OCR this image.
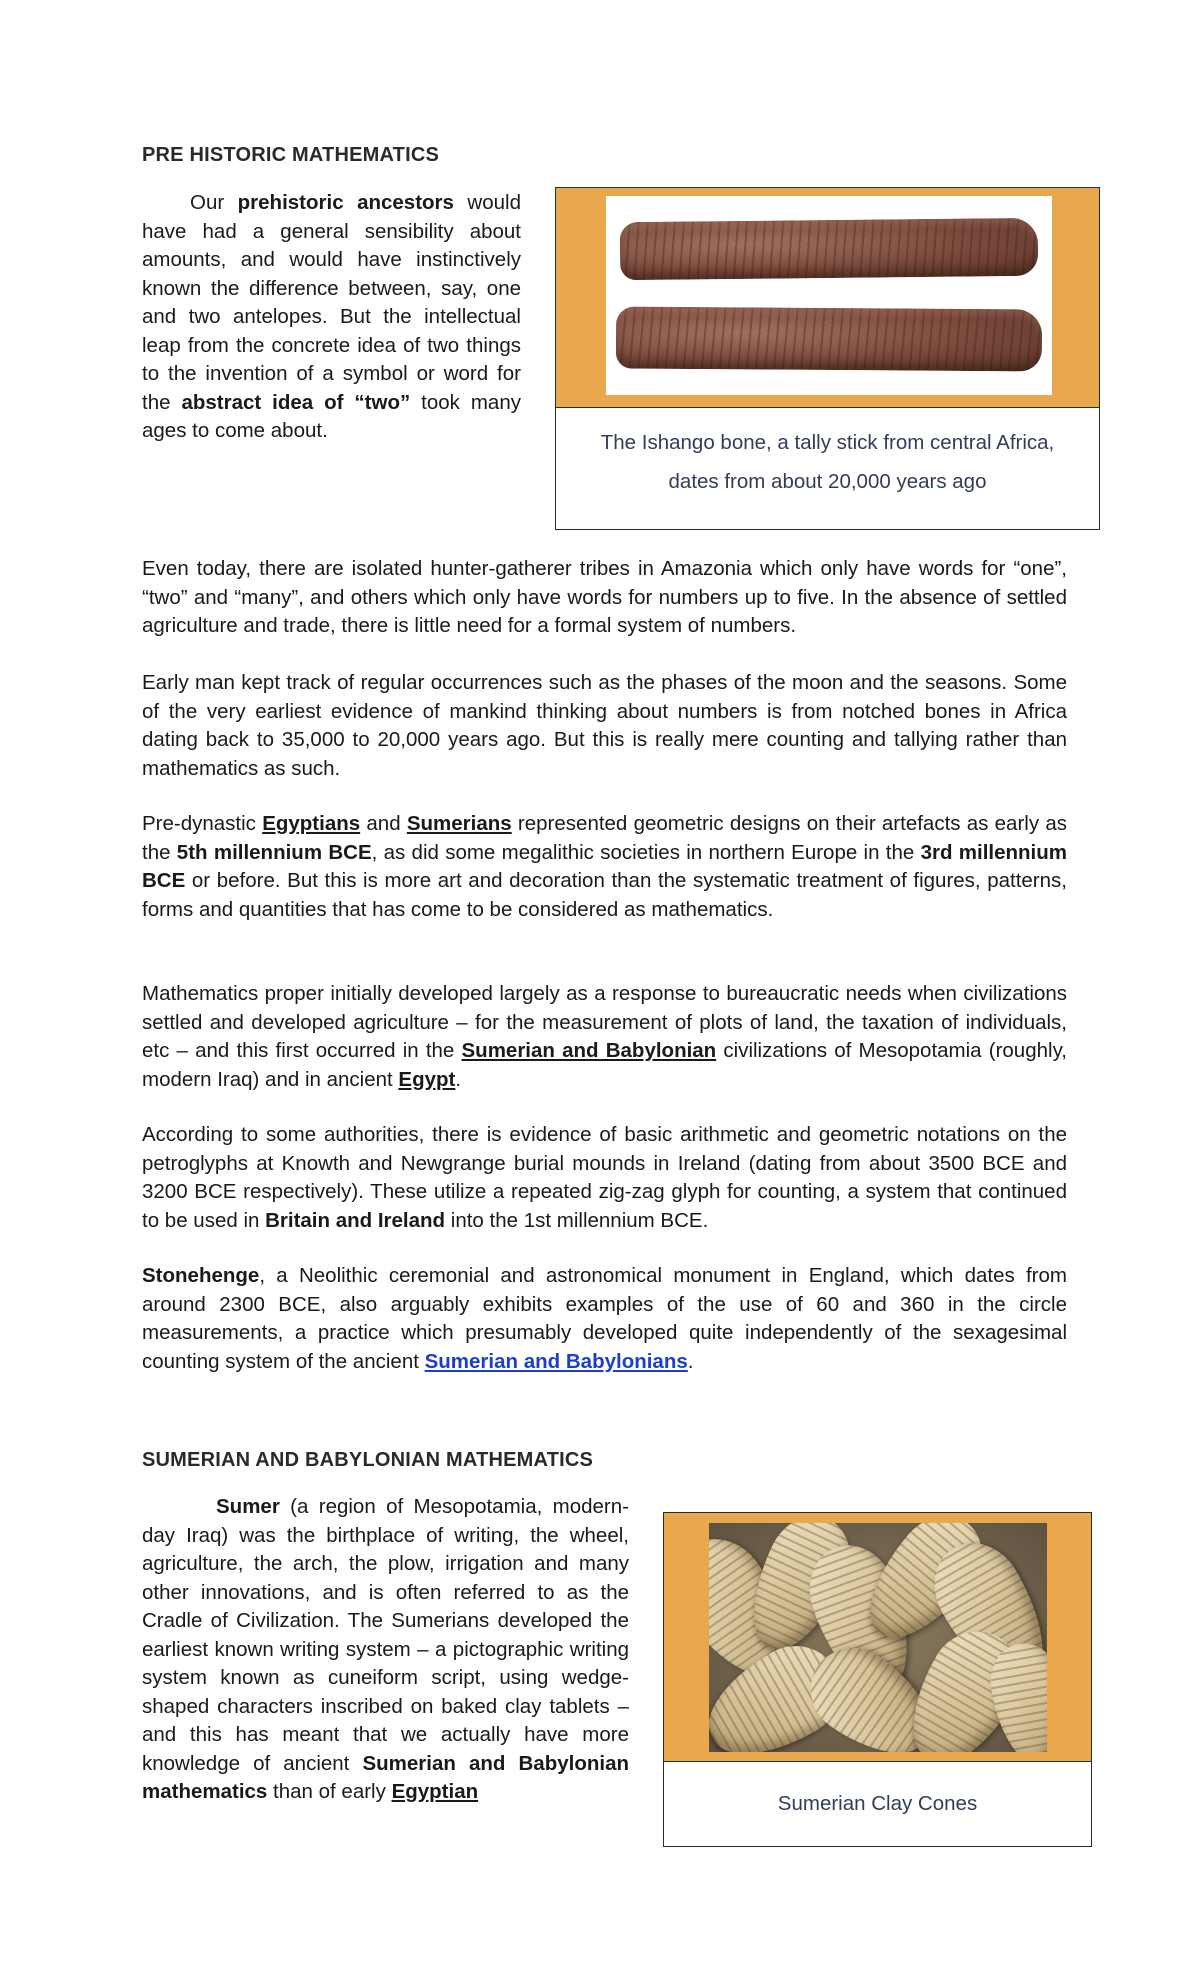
PRE HISTORIC MATHEMATICS
Our prehistoric ancestors would have had a general sensibility about amounts, and would have instinctively known the difference between, say, one and two antelopes. But the intellectual leap from the concrete idea of two things to the invention of a symbol or word for the abstract idea of “two” took many ages to come about.
The Ishango bone, a tally stick from central Africa,
dates from about 20,000 years ago
Even today, there are isolated hunter-gatherer tribes in Amazonia which only have words for “one”, “two” and “many”, and others which only have words for numbers up to five. In the absence of settled agriculture and trade, there is little need for a formal system of numbers.
Early man kept track of regular occurrences such as the phases of the moon and the seasons. Some of the very earliest evidence of mankind thinking about numbers is from notched bones in Africa dating back to 35,000 to 20,000 years ago. But this is really mere counting and tallying rather than mathematics as such.
Pre-dynastic Egyptians and Sumerians represented geometric designs on their artefacts as early as the 5th millennium BCE, as did some megalithic societies in northern Europe in the 3rd millennium BCE or before. But this is more art and decoration than the systematic treatment of figures, patterns, forms and quantities that has come to be considered as mathematics.
Mathematics proper initially developed largely as a response to bureaucratic needs when civilizations settled and developed agriculture – for the measurement of plots of land, the taxation of individuals, etc – and this first occurred in the Sumerian and Babylonian civilizations of Mesopotamia (roughly, modern Iraq) and in ancient Egypt.
According to some authorities, there is evidence of basic arithmetic and geometric notations on the petroglyphs at Knowth and Newgrange burial mounds in Ireland (dating from about 3500 BCE and 3200 BCE respectively). These utilize a repeated zig-zag glyph for counting, a system that continued to be used in Britain and Ireland into the 1st millennium BCE.
Stonehenge, a Neolithic ceremonial and astronomical monument in England, which dates from around 2300 BCE, also arguably exhibits examples of the use of 60 and 360 in the circle measurements, a practice which presumably developed quite independently of the sexagesimal counting system of the ancient Sumerian and Babylonians.
SUMERIAN AND BABYLONIAN MATHEMATICS
Sumer (a region of Mesopotamia, modern-day Iraq) was the birthplace of writing, the wheel, agriculture, the arch, the plow, irrigation and many other innovations, and is often referred to as the Cradle of Civilization. The Sumerians developed the earliest known writing system – a pictographic writing system known as cuneiform script, using wedge-shaped characters inscribed on baked clay tablets – and this has meant that we actually have more knowledge of ancient Sumerian and Babylonian mathematics than of early Egyptian
Sumerian Clay Cones
